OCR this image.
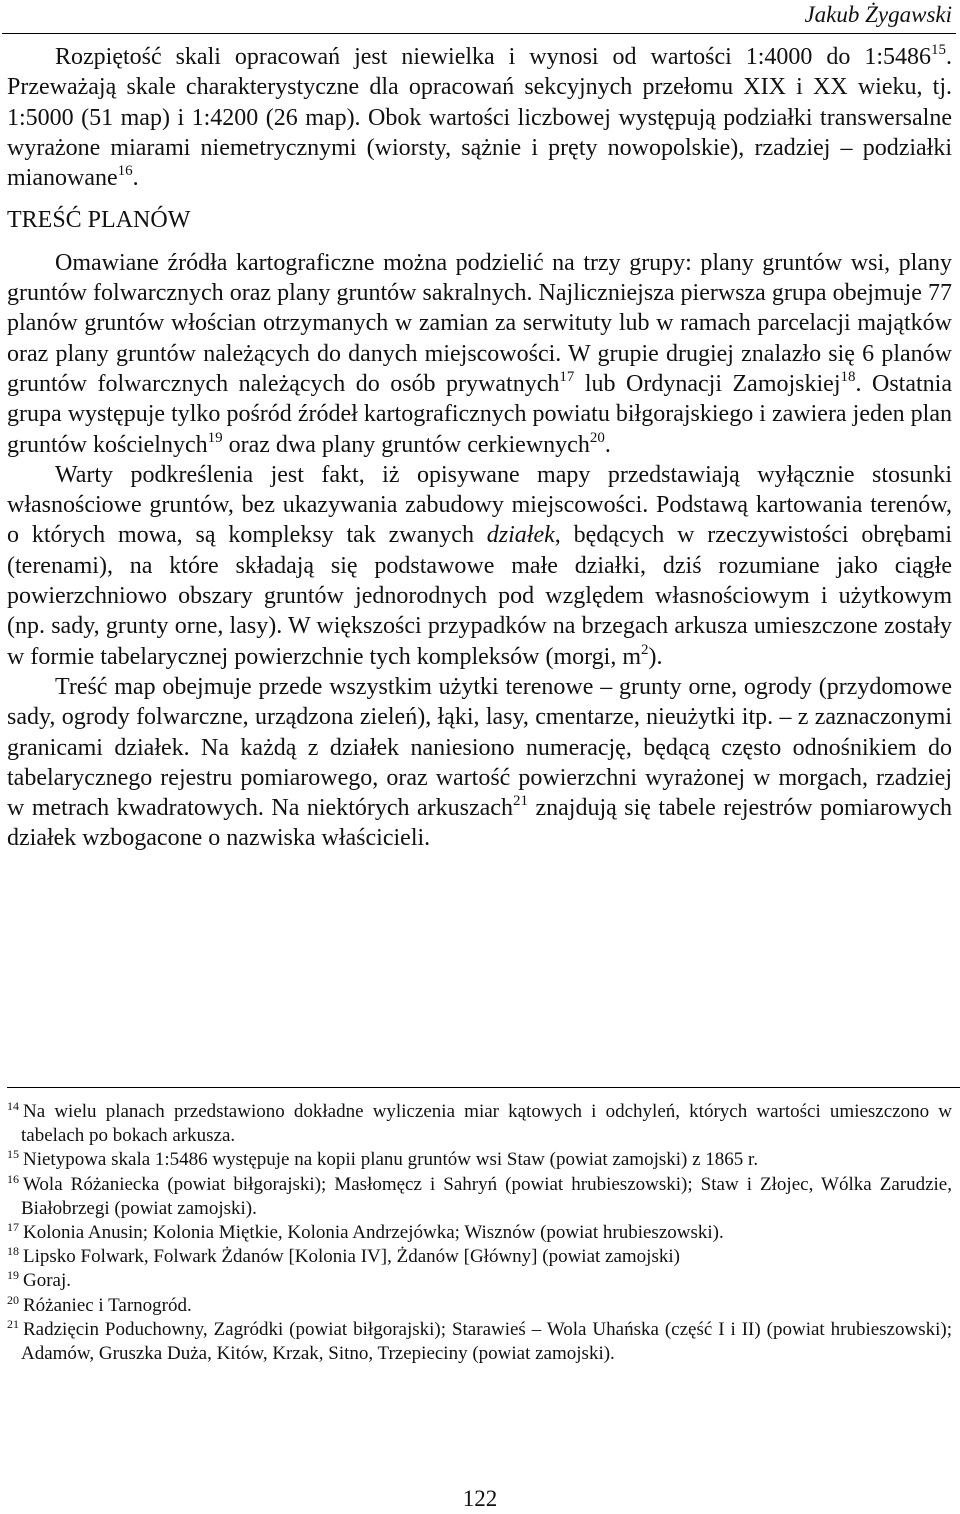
Jakub Żygawski

Rozpiętość skali opracowań jest niewielka i wynosi od wartości 1:4000 do 1:5486$^{15}$. Przeważają skale charakterystyczne dla opracowań sekcyjnych przełomu XIX i XX wieku, tj. 1:5000 (51 map) i 1:4200 (26 map). Obok wartości liczbowej występują podziałki transwersalne wyrażone miarami niemetrycznymi (wiorsty, sążnie i pręty nowopolskie), rzadziej – podziałki mianowane$^{16}$.

TREŚĆ PLANÓW

Omawiane źródła kartograficzne można podzielić na trzy grupy: plany gruntów wsi, plany gruntów folwarcznych oraz plany gruntów sakralnych. Najliczniejsza pierwsza grupa obejmuje 77 planów gruntów włościan otrzymanych w zamian za serwituty lub w ramach parcelacji majątków oraz plany gruntów należących do danych miejscowości. W grupie drugiej znalazło się 6 planów gruntów folwarcznych należących do osób prywatnych$^{17}$ lub Ordynacji Zamojskiej$^{18}$. Ostatnia grupa występuje tylko pośród źródeł kartograficznych powiatu biłgorajskiego i zawiera jeden plan gruntów kościelnych$^{19}$ oraz dwa plany gruntów cerkiewnych$^{20}$.

Warty podkreślenia jest fakt, iż opisywane mapy przedstawiają wyłącznie stosunki własnościowe gruntów, bez ukazywania zabudowy miejscowości. Podstawą kartowania terenów, o których mowa, są kompleksy tak zwanych działek, będących w rzeczywistości obrębami (terenami), na które składają się podstawowe małe działki, dziś rozumiane jako ciągłe powierzchniowo obszary gruntów jednorodnych pod względem własnościowym i użytkowym (np. sady, grunty orne, lasy). W większości przypadków na brzegach arkusza umieszczone zostały w formie tabelarycznej powierzchnie tych kompleksów (morgi, $m^2$).

Treść map obejmuje przede wszystkim użytki terenowe – grunty orne, ogrody (przydomowe sady, ogrody folwarczne, urządzona zieleń), łąki, lasy, cmentarze, nieużytki itp. – z zaznaczonymi granicami działek. Na każdą z działek naniesiono numerację, będącą często odnośnikiem do tabelarycznego rejestru pomiarowego, oraz wartość powierzchni wyrażonej w morgach, rzadziej w metrach kwadratowych. Na niektórych arkuszach$^{21}$ znajdują się tabele rejestrów pomiarowych działek wzbogacone o nazwiska właścicieli.

$^{14}$ Na wielu planach przedstawiono dokładne wyliczenia miar kątowych i odchyleń, których wartości umieszczono w tabelach po bokach arkusza.
$^{15}$ Nietypowa skala 1:5486 występuje na kopii planu gruntów wsi Staw (powiat zamojski) z 1865 r.
$^{16}$ Wola Różaniecka (powiat biłgorajski); Masłomęcz i Sahryń (powiat hrubieszowski); Staw i Złojec, Wólka Zarudzie, Białobrzegi (powiat zamojski).
$^{17}$ Kolonia Anusin; Kolonia Miętkie, Kolonia Andrzejówka; Wisznów (powiat hrubieszowski).
$^{18}$ Lipsko Folwark, Folwark Żdanów [Kolonia IV], Żdanów [Główny] (powiat zamojski)
$^{19}$ Goraj.
$^{20}$ Różaniec i Tarnogród.
$^{21}$ Radzięcin Poduchowny, Zagródki (powiat biłgorajski); Starawieś – Wola Uhańska (część I i II) (powiat hrubieszowski); Adamów, Gruszka Duża, Kitów, Krzak, Sitno, Trzepieciny (powiat zamojski).
122
